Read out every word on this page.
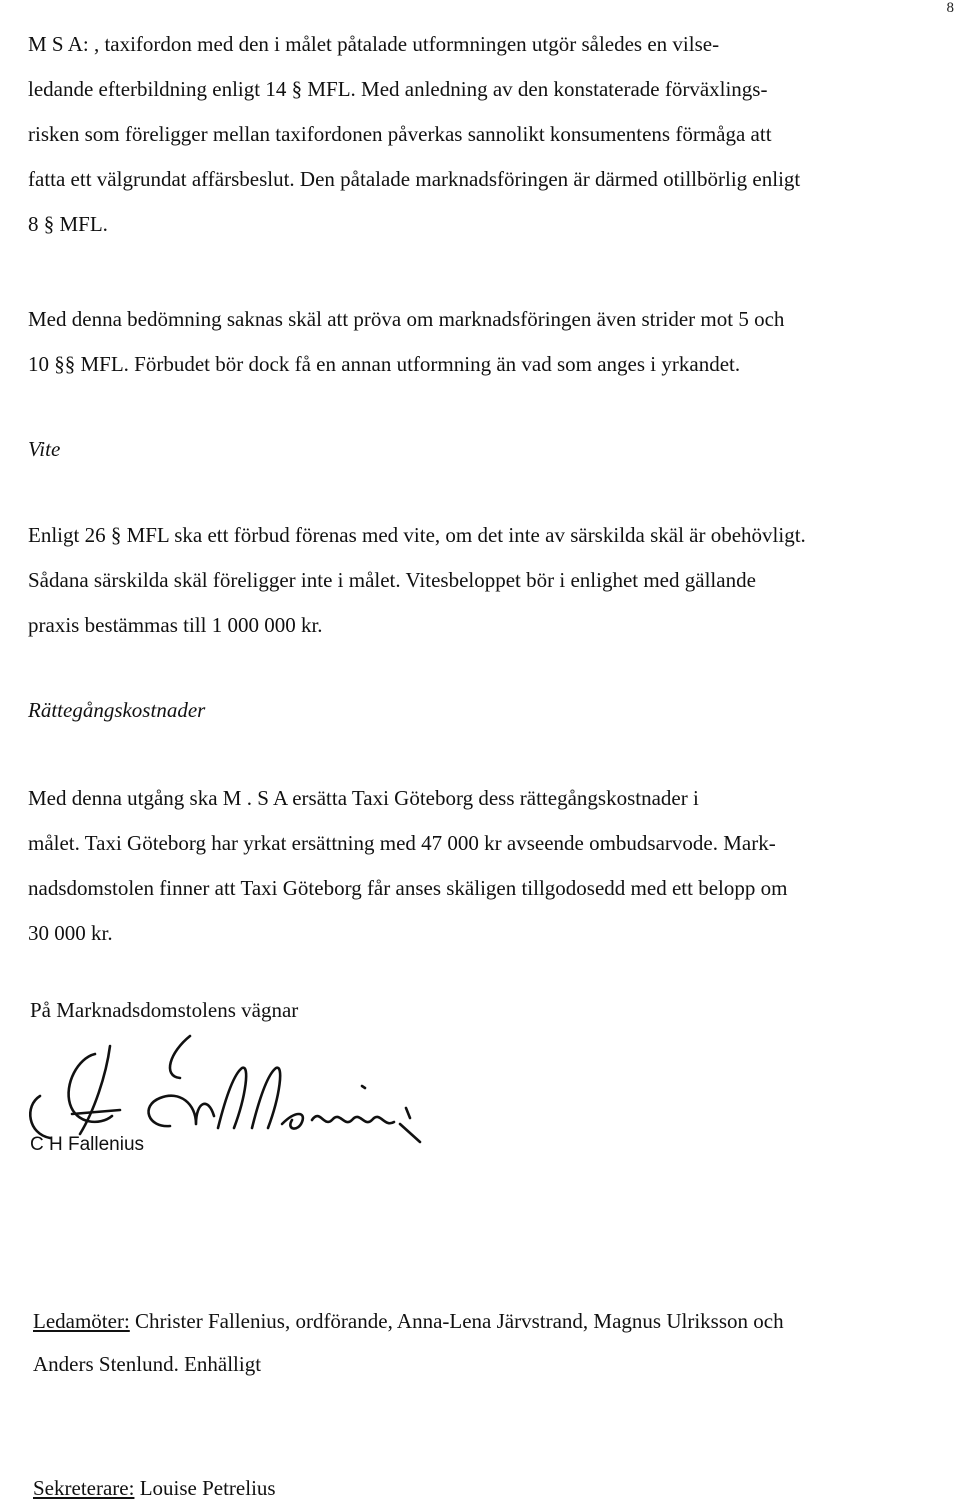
8
M S A: , taxifordon med den i målet påtalade utformningen utgör således en vilse-
ledande efterbildning enligt 14 § MFL. Med anledning av den konstaterade förväxlings-
risken som föreligger mellan taxifordonen påverkas sannolikt konsumentens förmåga att
fatta ett välgrundat affärsbeslut. Den påtalade marknadsföringen är därmed otillbörlig enligt
8 § MFL.
Med denna bedömning saknas skäl att pröva om marknadsföringen även strider mot 5 och
10 §§ MFL. Förbudet bör dock få en annan utformning än vad som anges i yrkandet.
Vite
Enligt 26 § MFL ska ett förbud förenas med vite, om det inte av särskilda skäl är obehövligt.
Sådana särskilda skäl föreligger inte i målet. Vitesbeloppet bör i enlighet med gällande
praxis bestämmas till 1 000 000 kr.
Rättegångskostnader
Med denna utgång ska M . S A ersätta Taxi Göteborg dess rättegångskostnader i
målet. Taxi Göteborg har yrkat ersättning med 47 000 kr avseende ombudsarvode. Mark-
nadsdomstolen finner att Taxi Göteborg får anses skäligen tillgodosedd med ett belopp om
30 000 kr.
På Marknadsdomstolens vägnar
C H Fallenius
Ledamöter: Christer Fallenius, ordförande, Anna-Lena Järvstrand, Magnus Ulriksson och
Anders Stenlund. Enhälligt
Sekreterare: Louise Petrelius
